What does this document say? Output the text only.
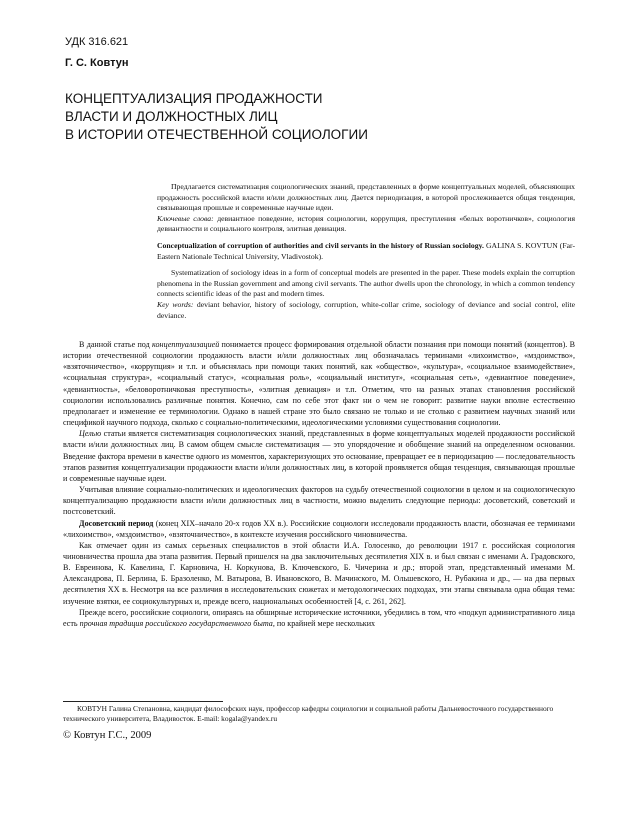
УДК 316.621
Г. С. Ковтун
КОНЦЕПТУАЛИЗАЦИЯ ПРОДАЖНОСТИ
ВЛАСТИ И ДОЛЖНОСТНЫХ ЛИЦ
В ИСТОРИИ ОТЕЧЕСТВЕННОЙ СОЦИОЛОГИИ

Предлагается систематизация социологических знаний, представленных в форме концептуальных моделей, объясняющих продажность российской власти и/или должностных лиц. Дается периодизация, в которой прослеживается общая тенденция, связывающая прошлые и современные научные идеи.

Ключевые слова: девиантное поведение, история социологии, коррупция, преступления «белых воротничков», социология девиантности и социального контроля, элитная девиация.

Conceptualization of corruption of authorities and civil servants in the history of Russian sociology. GALINA S. KOVTUN (Far-Eastern Nationale Technical University, Vladivostok).

Systematization of sociology ideas in a form of conceptual models are presented in the paper. These models explain the corruption phenomena in the Russian government and among civil servants. The author dwells upon the chronology, in which a common tendency connects scientific ideas of the past and modern times.

Key words: deviant behavior, history of sociology, corruption, white-collar crime, sociology of deviance and social control, elite deviance.

В данной статье под концептуализацией понимается процесс формирования отдельной области познания при помощи понятий (концептов). В истории отечественной социологии продажность власти и/или должностных лиц обозначалась терминами «лихоимство», «мздоимство», «взяточничество», «коррупция» и т.п. и объяснялась при помощи таких понятий, как «общество», «культура», «социальное взаимодействие», «социальная структура», «социальный статус», «социальная роль», «социальный институт», «социальная сеть», «девиантное поведение», «девиантность», «беловоротничковая преступность», «элитная девиация» и т.п. Отметим, что на разных этапах становления российской социологии использовались различные понятия. Конечно, сам по себе этот факт ни о чем не говорит: развитие науки вполне естественно предполагает и изменение ее терминологии. Однако в нашей стране это было связано не только и не столько с развитием научных знаний или спецификой научного подхода, сколько с социально-политическими, идеологическими условиями существования социологии.

Целью статьи является систематизация социологических знаний, представленных в форме концептуальных моделей продажности российской власти и/или должностных лиц. В самом общем смысле систематизация — это упорядочение и обобщение знаний на определенном основании. Введение фактора времени в качестве одного из моментов, характеризующих это основание, превращает ее в периодизацию — последовательность этапов развития концептуализации продажности власти и/или должностных лиц, в которой проявляется общая тенденция, связывающая прошлые и современные научные идеи.

Учитывая влияние социально-политических и идеологических факторов на судьбу отечественной социологии в целом и на социологическую концептуализацию продажности власти и/или должностных лиц в частности, можно выделить следующие периоды: досоветский, советский и постсоветский.

Досоветский период (конец XIX–начало 20-х годов XX в.). Российские социологи исследовали продажность власти, обозначая ее терминами «лихоимство», «мздоимство», «взяточничество», в контексте изучения российского чиновничества.

Как отмечает один из самых серьезных специалистов в этой области И.А. Голосенко, до революции 1917 г. российская социология чиновничества прошла два этапа развития. Первый пришелся на два заключительных десятилетия XIX в. и был связан с именами А. Градовского, В. Евреинова, К. Кавелина, Г. Карновича, Н. Коркунова, В. Ключевского, Б. Чичерина и др.; второй этап, представленный именами М. Александрова, П. Берлина, Б. Бразоленко, М. Ватырова, В. Ивановского, В. Мачинского, М. Ольшевского, Н. Рубакина и др., — на два первых десятилетия XX в. Несмотря на все различия в исследовательских сюжетах и методологических подходах, эти этапы связывала одна общая тема: изучение взятки, ее социокультурных и, прежде всего, национальных особенностей [4, с. 261, 262].

Прежде всего, российские социологи, опираясь на обширные исторические источники, убедились в том, что «подкуп административного лица есть прочная традиция российского государственного быта, по крайней мере нескольких

КОВТУН Галина Степановна, кандидат философских наук, профессор кафедры социологии и социальной работы Дальневосточного государственного технического университета, Владивосток. E-mail: kogala@yandex.ru
© Ковтун Г.С., 2009
